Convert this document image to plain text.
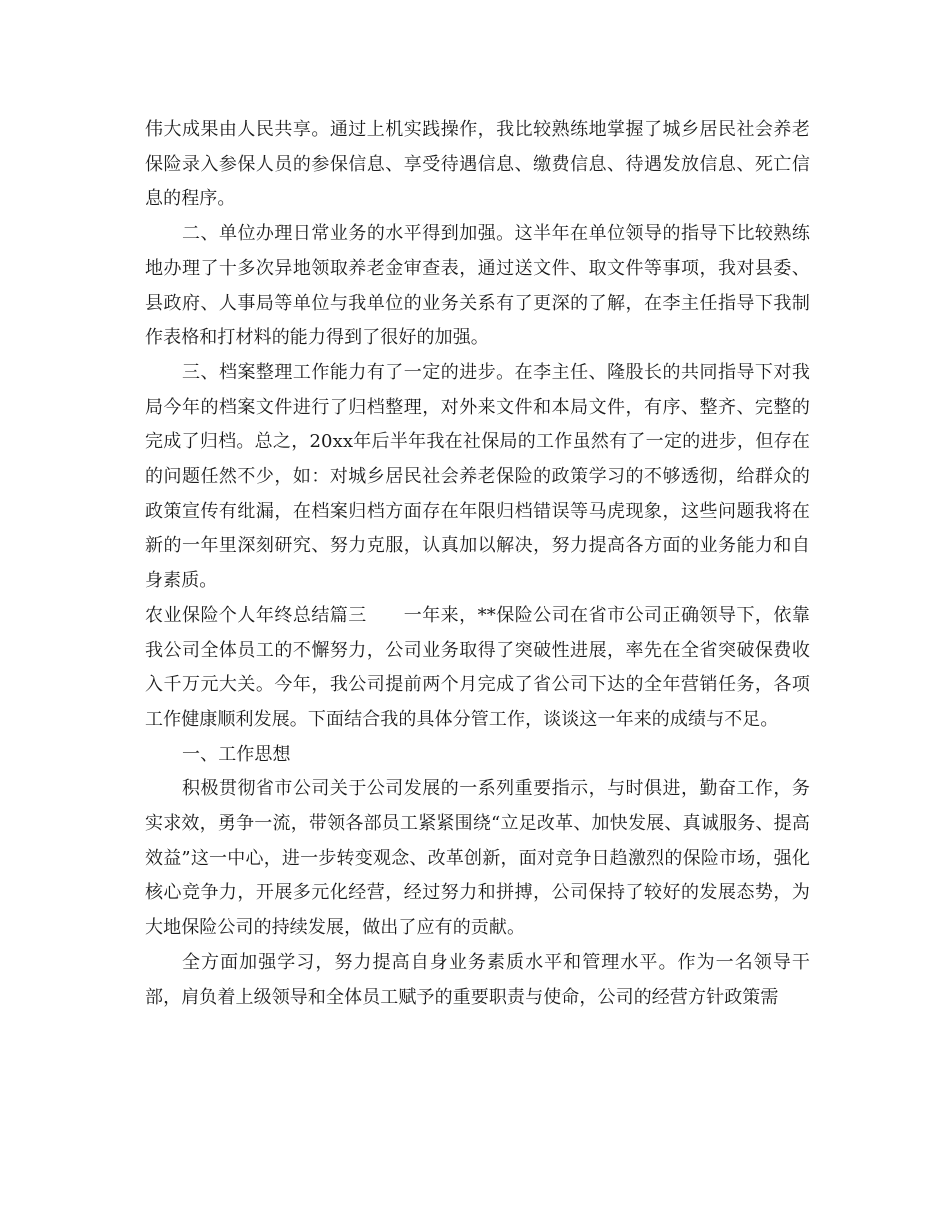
伟大成果由人民共享。通过上机实践操作，我比较熟练地掌握了城乡居民社会养老保险录入参保人员的参保信息、享受待遇信息、缴费信息、待遇发放信息、死亡信息的程序。

二、单位办理日常业务的水平得到加强。这半年在单位领导的指导下比较熟练地办理了十多次异地领取养老金审查表，通过送文件、取文件等事项，我对县委、县政府、人事局等单位与我单位的业务关系有了更深的了解，在李主任指导下我制作表格和打材料的能力得到了很好的加强。

三、档案整理工作能力有了一定的进步。在李主任、隆股长的共同指导下对我局今年的档案文件进行了归档整理，对外来文件和本局文件，有序、整齐、完整的完成了归档。总之，20xx年后半年我在社保局的工作虽然有了一定的进步，但存在的问题任然不少，如：对城乡居民社会养老保险的政策学习的不够透彻，给群众的政策宣传有纰漏，在档案归档方面存在年限归档错误等马虎现象，这些问题我将在新的一年里深刻研究、努力克服，认真加以解决，努力提高各方面的业务能力和自身素质。

农业保险个人年终总结篇三　　一年来，**保险公司在省市公司正确领导下，依靠我公司全体员工的不懈努力，公司业务取得了突破性进展，率先在全省突破保费收入千万元大关。今年，我公司提前两个月完成了省公司下达的全年营销任务，各项工作健康顺利发展。下面结合我的具体分管工作，谈谈这一年来的成绩与不足。

一、工作思想

积极贯彻省市公司关于公司发展的一系列重要指示，与时俱进，勤奋工作，务实求效，勇争一流，带领各部员工紧紧围绕“立足改革、加快发展、真诚服务、提高效益”这一中心，进一步转变观念、改革创新，面对竞争日趋激烈的保险市场，强化核心竞争力，开展多元化经营，经过努力和拼搏，公司保持了较好的发展态势，为大地保险公司的持续发展，做出了应有的贡献。

全方面加强学习，努力提高自身业务素质水平和管理水平。作为一名领导干部，肩负着上级领导和全体员工赋予的重要职责与使命，公司的经营方针政策需
